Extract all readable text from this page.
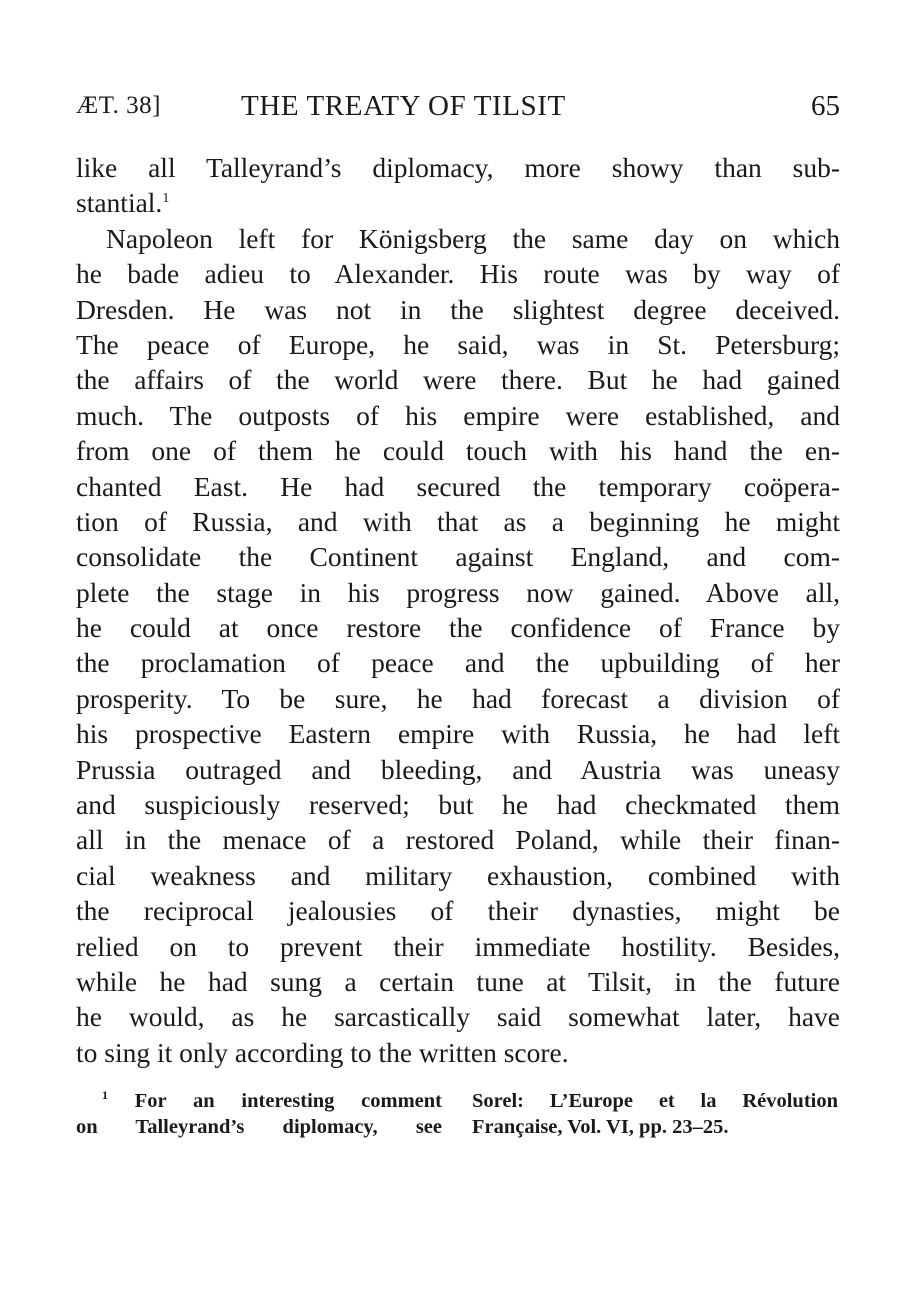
ÆT. 38]	THE TREATY OF TILSIT	65
like all Talleyrand’s diplomacy, more showy than sub-
stantial.$^1$
Napoleon left for Königsberg the same day on which
he bade adieu to Alexander. His route was by way of
Dresden. He was not in the slightest degree deceived.
The peace of Europe, he said, was in St. Petersburg;
the affairs of the world were there. But he had gained
much. The outposts of his empire were established, and
from one of them he could touch with his hand the en-
chanted East. He had secured the temporary coöpera-
tion of Russia, and with that as a beginning he might
consolidate the Continent against England, and com-
plete the stage in his progress now gained. Above all,
he could at once restore the confidence of France by
the proclamation of peace and the upbuilding of her
prosperity. To be sure, he had forecast a division of
his prospective Eastern empire with Russia, he had left
Prussia outraged and bleeding, and Austria was uneasy
and suspiciously reserved; but he had checkmated them
all in the menace of a restored Poland, while their finan-
cial weakness and military exhaustion, combined with
the reciprocal jealousies of their dynasties, might be
relied on to prevent their immediate hostility. Besides,
while he had sung a certain tune at Tilsit, in the future
he would, as he sarcastically said somewhat later, have
to sing it only according to the written score.
$^1$ For an interesting comment
on Talleyrand’s diplomacy, see
Sorel: L’Europe et la Révolution
Française, Vol. VI, pp. 23–25.
